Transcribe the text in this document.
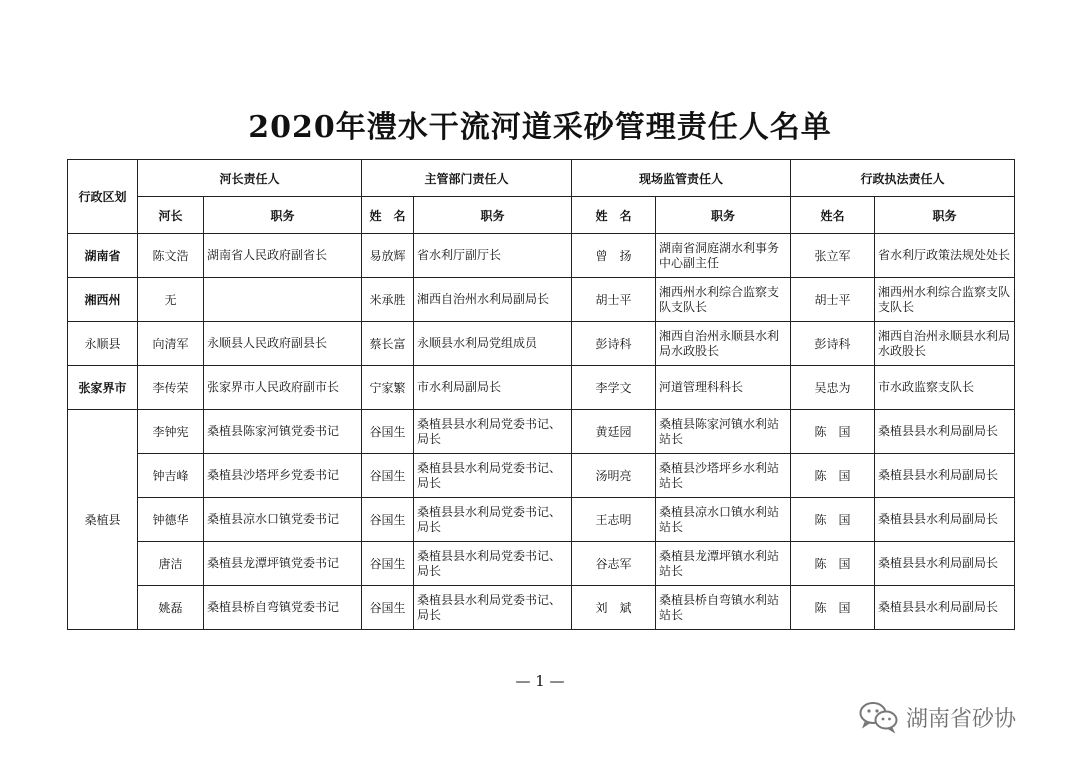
2020年澧水干流河道采砂管理责任人名单
行政区划	河长责任人		主管部门责任人		现场监管责任人		行政执法责任人	
	河长	职务	姓　名	职务	姓　名	职务	姓名	职务
湖南省	陈文浩	湖南省人民政府副省长	易放辉	省水利厅副厅长	曾　扬	湖南省洞庭湖水利事务中心副主任	张立军	省水利厅政策法规处处长
湘西州	无		米承胜	湘西自治州水利局副局长	胡士平	湘西州水利综合监察支队支队长	胡士平	湘西州水利综合监察支队支队长
永顺县	向清军	永顺县人民政府副县长	蔡长富	永顺县水利局党组成员	彭诗科	湘西自治州永顺县水利局水政股长	彭诗科	湘西自治州永顺县水利局水政股长
张家界市	李传荣	张家界市人民政府副市长	宁家繁	市水利局副局长	李学文	河道管理科科长	吴忠为	市水政监察支队长
桑植县	李钟宪	桑植县陈家河镇党委书记	谷国生	桑植县县水利局党委书记、局长	黄廷园	桑植县陈家河镇水利站站长	陈　国	桑植县县水利局副局长
	钟吉峰	桑植县沙塔坪乡党委书记	谷国生	桑植县县水利局党委书记、局长	汤明亮	桑植县沙塔坪乡水利站站长	陈　国	桑植县县水利局副局长
	钟德华	桑植县凉水口镇党委书记	谷国生	桑植县县水利局党委书记、局长	王志明	桑植县凉水口镇水利站站长	陈　国	桑植县县水利局副局长
	唐洁	桑植县龙潭坪镇党委书记	谷国生	桑植县县水利局党委书记、局长	谷志军	桑植县龙潭坪镇水利站站长	陈　国	桑植县县水利局副局长
	姚磊	桑植县桥自弯镇党委书记	谷国生	桑植县县水利局党委书记、局长	刘　斌	桑植县桥自弯镇水利站站长	陈　国	桑植县县水利局副局长
— 1 —
湖南省砂协
